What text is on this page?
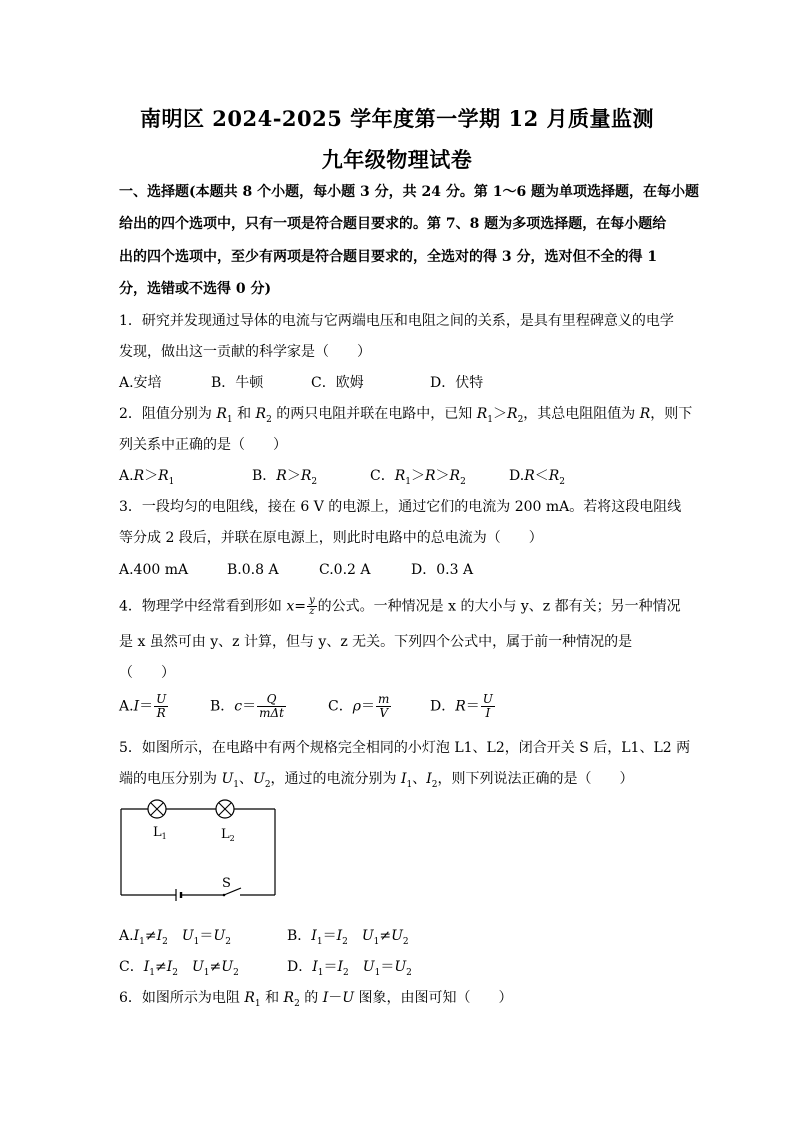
南明区 2024-2025 学年度第一学期 12 月质量监测
九年级物理试卷
一、选择题(本题共 8 个小题，每小题 3 分，共 24 分。第 1～6 题为单项选择题，在每小题
给出的四个选项中，只有一项是符合题目要求的。第 7、8 题为多项选择题，在每小题给
出的四个选项中，至少有两项是符合题目要求的，全选对的得 3 分，选对但不全的得 1
分，选错或不选得 0 分)
1．研究并发现通过导体的电流与它两端电压和电阻之间的关系，是具有里程碑意义的电学
发现，做出这一贡献的科学家是（　　）
A.安培	B．牛顿	C．欧姆	D．伏特
2．阻值分别为 $R_1$ 和 $R_2$ 的两只电阻并联在电路中，已知 $R_1>R_2$，其总电阻阻值为 R，则下
列关系中正确的是（　　）
$A.R>R_1$	B．$R>R_2$	C．$R_1>R>R_2$	$D.R<R_2$
3．一段均匀的电阻线，接在 6 V 的电源上，通过它们的电流为 200 mA。若将这段电阻线
等分成 2 段后，并联在原电源上，则此时电路中的总电流为（　　）
A.400 mA	B.0.8 A	C.0.2 A	D．0.3 A
4．物理学中经常看到形如 $x= \frac{y}{z}$ 的公式。一种情况是 x 的大小与 y、z 都有关；另一种情况
是 x 虽然可由 y、z 计算，但与 y、z 无关。下列四个公式中，属于前一种情况的是
（　　）
$A.I= \frac{U}{R}$	B．$c= \frac{Q}{\text{mΔt}}$	C．$\rho= \frac{m}{V}$	D．$R= \frac{U}{I}$
5．如图所示，在电路中有两个规格完全相同的小灯泡 L1、L2，闭合开关 S 后，L1、L2 两
端的电压分别为 $U_1$、$U_2$，通过的电流分别为 $I_1$、$I_2$，则下列说法正确的是（　　）
$L_1$	$L_2$
S
$A.I_1\ne I_2$　 $U_1=U_2$	B．$I_1=I_2$　 $U_1\ne U_2$
C．$I_1\ne I_2$　 $U_1\ne U_2$	D．$I_1=I_2$　 $U_1=U_2$
6．如图所示为电阻 $R_1$ 和 $R_2$ 的 I－U 图象，由图可知（　　）
